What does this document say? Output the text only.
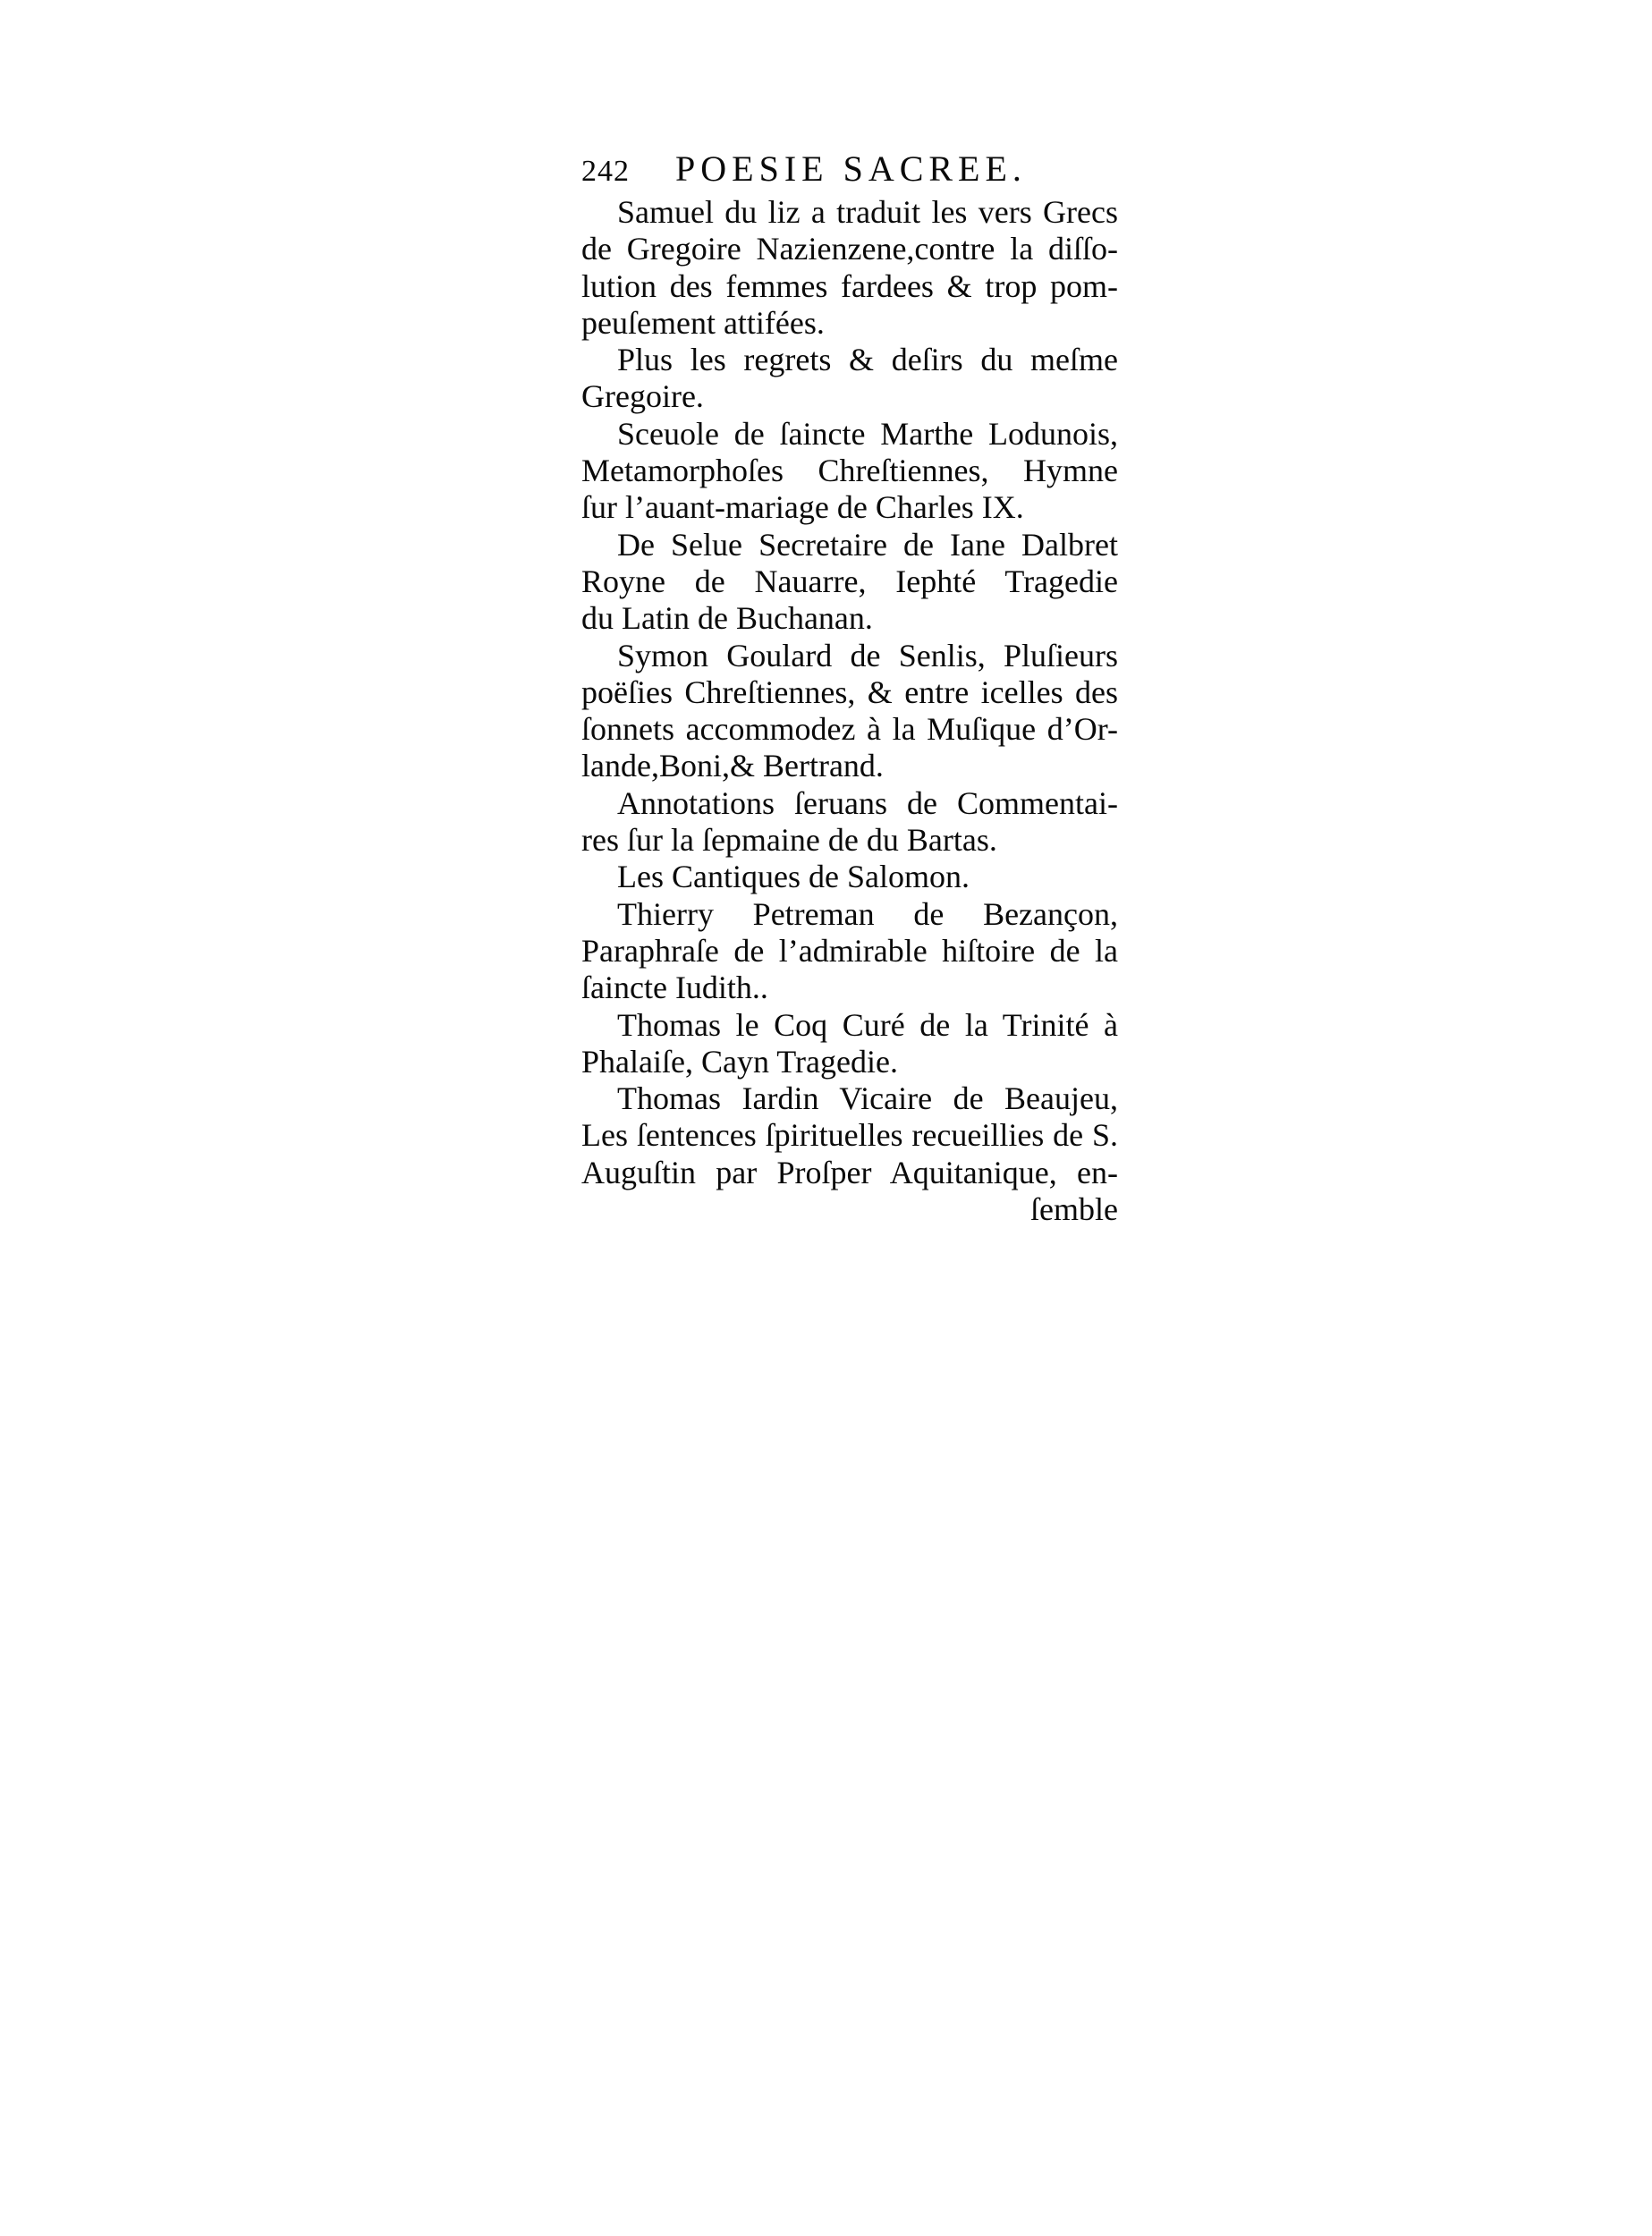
242	POESIE SACREE.
Samuel du liz a traduit les vers Grecs
de Gregoire Nazienzene,contre la diſſo-
lution des femmes fardees & trop pom-
peuſement attifées.
Plus les regrets & deſirs du meſme
Gregoire.
Sceuole de ſaincte Marthe Lodunois,
Metamorphoſes Chreſtiennes, Hymne
ſur l’auant-mariage de Charles IX.
De Selue Secretaire de Iane Dalbret
Royne de Nauarre, Iephté Tragedie
du Latin de Buchanan.
Symon Goulard de Senlis, Pluſieurs
poëſies Chreſtiennes, & entre icelles des
ſonnets accommodez à la Muſique d’Or-
lande,Boni,& Bertrand.
Annotations ſeruans de Commentai-
res ſur la ſepmaine de du Bartas.
Les Cantiques de Salomon.
Thierry Petreman de Bezançon,
Paraphraſe de l’admirable hiſtoire de la
ſaincte Iudith..
Thomas le Coq Curé de la Trinité à
Phalaiſe, Cayn Tragedie.
Thomas Iardin Vicaire de Beaujeu,
Les ſentences ſpirituelles recueillies de S.
Auguſtin par Proſper Aquitanique, en-
ſemble
